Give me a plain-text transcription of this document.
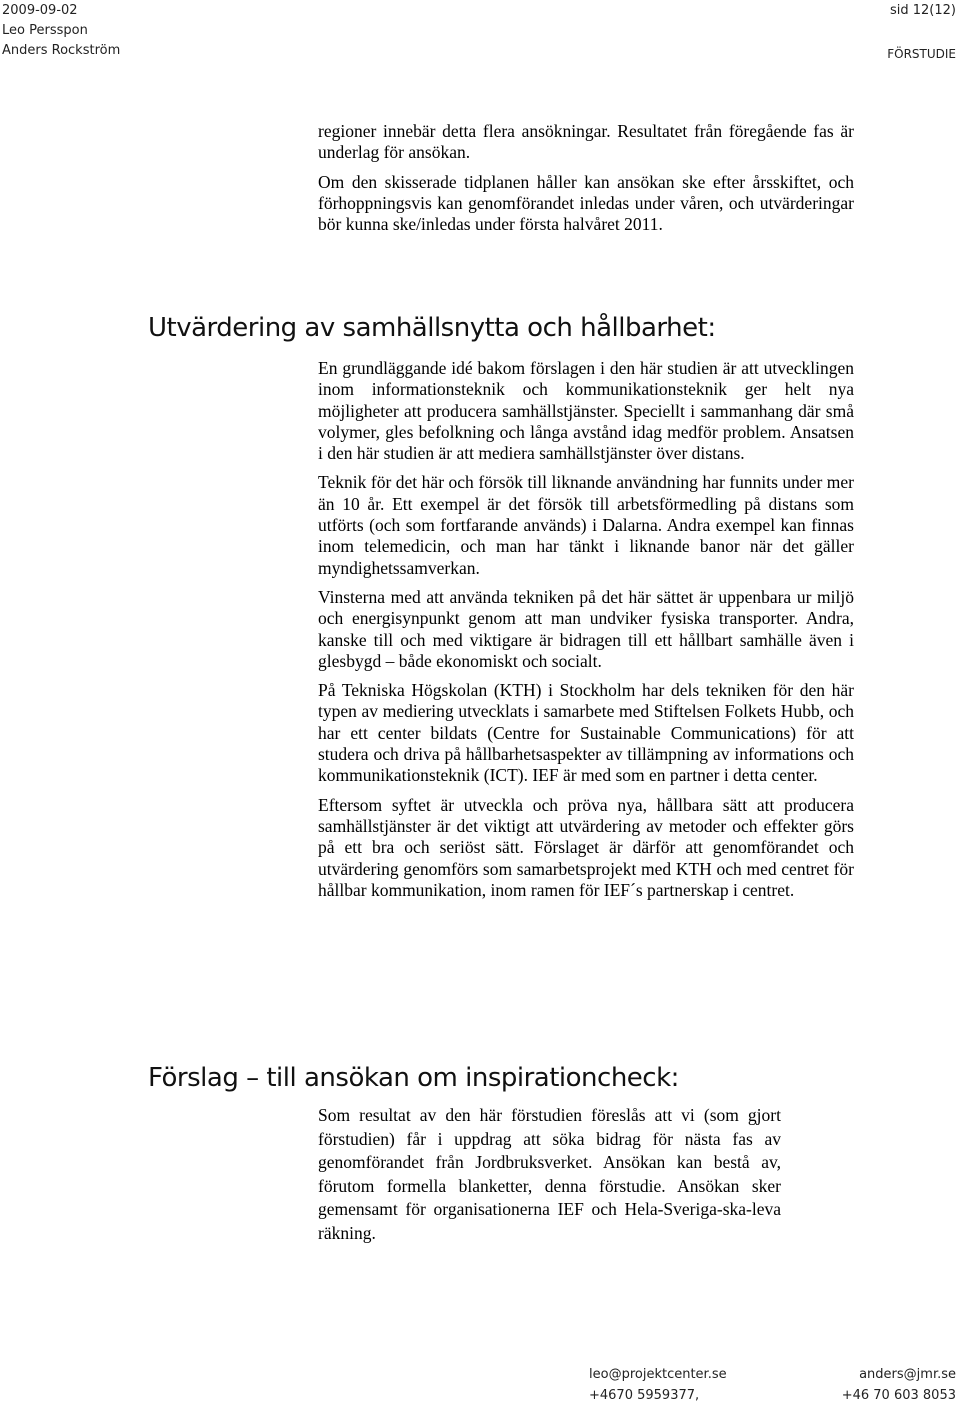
2009-09-02
Leo Persspon
Anders Rockström
sid 12(12)
FÖRSTUDIE

regioner innebär detta flera ansökningar. Resultatet från föregående fas är underlag för ansökan.

Om den skisserade tidplanen håller kan ansökan ske efter årsskiftet, och förhoppningsvis kan genomförandet inledas under våren, och utvärderingar bör kunna ske/inledas under första halvåret 2011.

Utvärdering av samhällsnytta och hållbarhet:

En grundläggande idé bakom förslagen i den här studien är att utvecklingen inom informationsteknik och kommunikationsteknik ger helt nya möjligheter att producera samhällstjänster. Speciellt i sammanhang där små volymer, gles befolkning och långa avstånd idag medför problem. Ansatsen i den här studien är att mediera samhällstjänster över distans.

Teknik för det här och försök till liknande användning har funnits under mer än 10 år. Ett exempel är det försök till arbetsförmedling på distans som utförts (och som fortfarande används) i Dalarna. Andra exempel kan finnas inom telemedicin, och man har tänkt i liknande banor när det gäller myndighetssamverkan.

Vinsterna med att använda tekniken på det här sättet är uppenbara ur miljö och energisynpunkt genom att man undviker fysiska transporter. Andra, kanske till och med viktigare är bidragen till ett hållbart samhälle även i glesbygd – både ekonomiskt och socialt.

På Tekniska Högskolan (KTH) i Stockholm har dels tekniken för den här typen av mediering utvecklats i samarbete med Stiftelsen Folkets Hubb, och har ett center bildats (Centre for Sustainable Communications) för att studera och driva på hållbarhetsaspekter av tillämpning av informations och kommunikationsteknik (ICT). IEF är med som en partner i detta center.

Eftersom syftet är utveckla och pröva nya, hållbara sätt att producera samhällstjänster är det viktigt att utvärdering av metoder och effekter görs på ett bra och seriöst sätt. Förslaget är därför att genomförandet och utvärdering genomförs som samarbetsprojekt med KTH och med centret för hållbar kommunikation, inom ramen för IEF´s partnerskap i centret.

Förslag – till ansökan om inspirationcheck:

Som resultat av den här förstudien föreslås att vi (som gjort förstudien) får i uppdrag att söka bidrag för nästa fas av genomförandet från Jordbruksverket. Ansökan kan bestå av, förutom formella blanketter, denna förstudie. Ansökan sker gemensamt för organisationerna IEF och Hela-Sveriga-ska-leva räkning.

leo@projektcenter.se
+4670 5959377,
anders@jmr.se
+46 70 603 8053
